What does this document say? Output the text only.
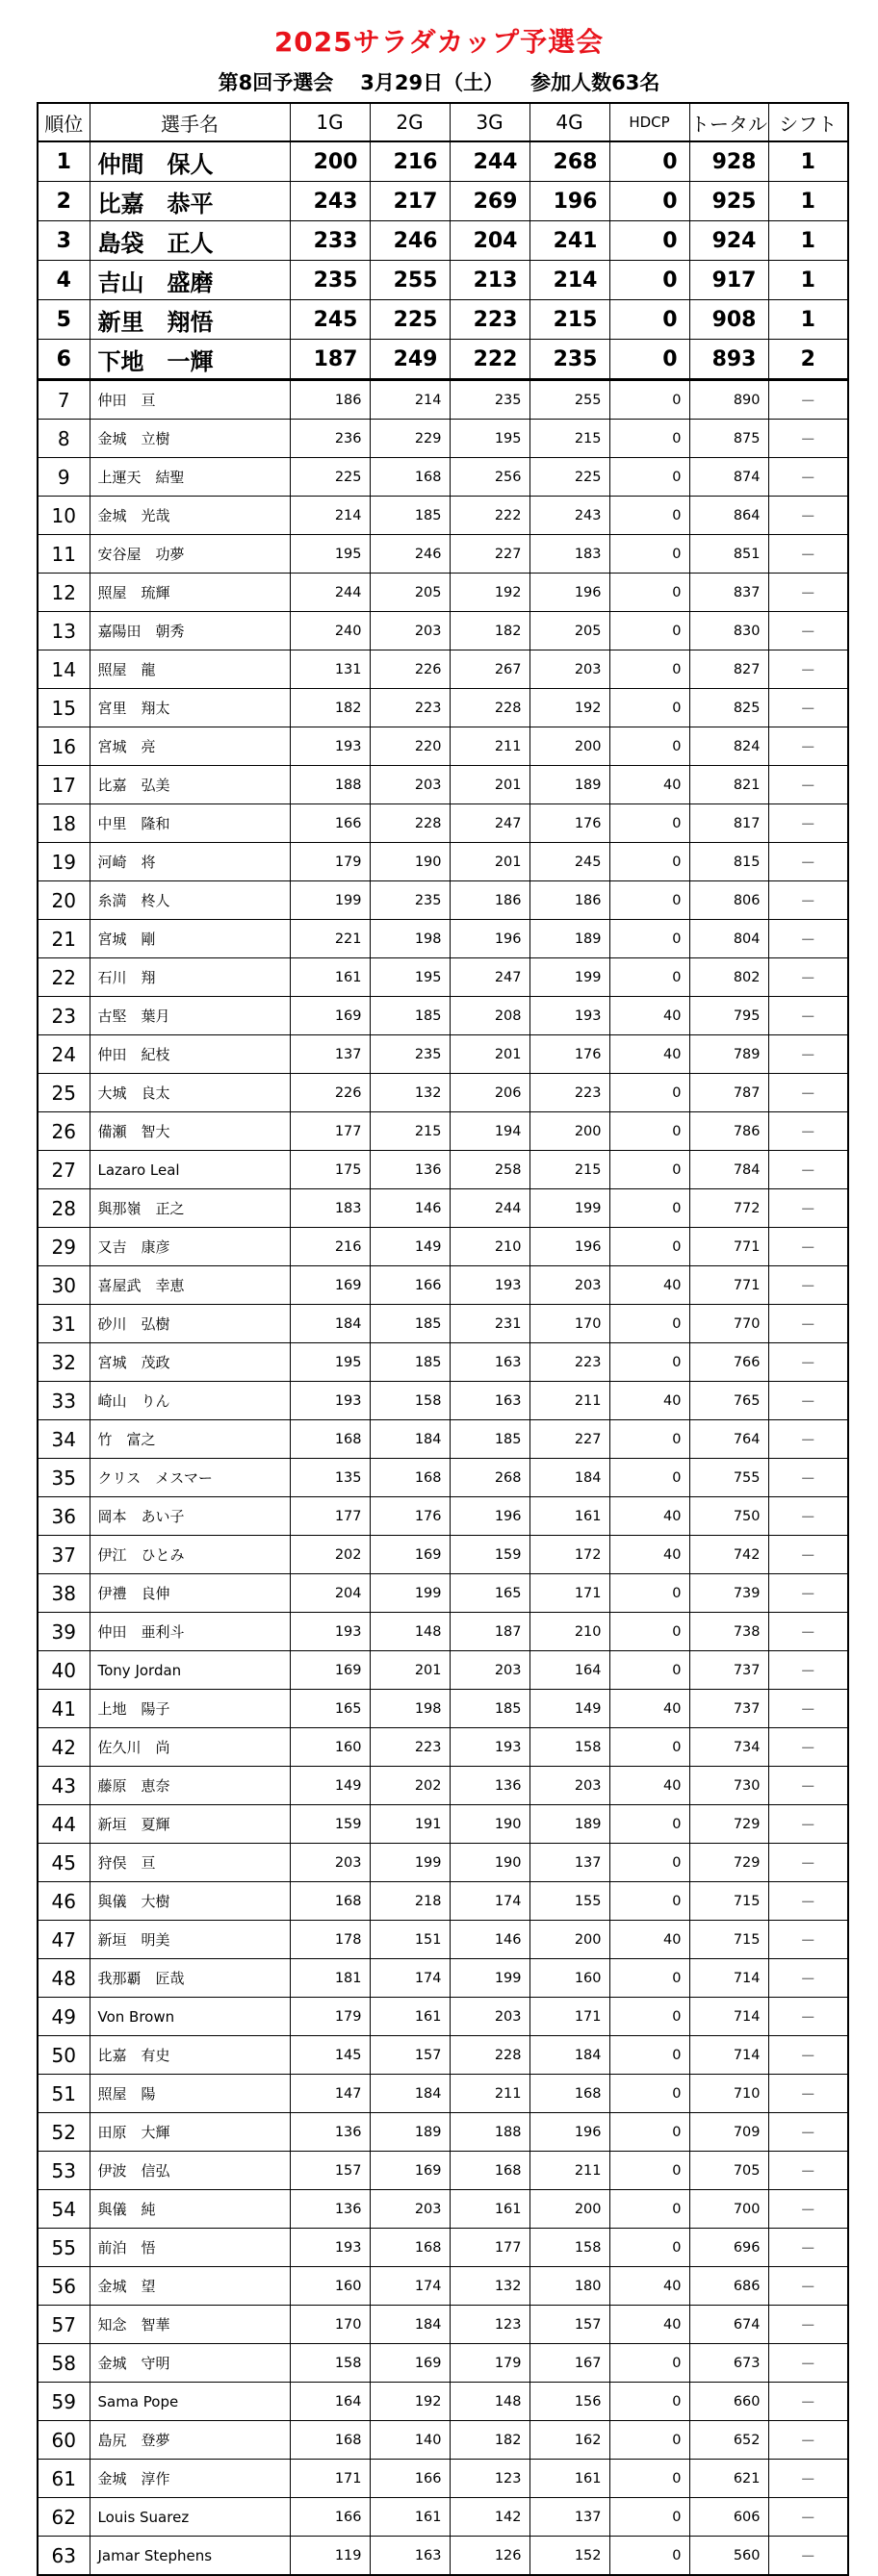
2025サラダカップ予選会
第8回予選会 3月29日（土） 参加人数63名
順位	選手名	1G	2G	3G	4G	HDCP	トータル	シフト
1	仲間　保人	200	216	244	268	0	928	1
2	比嘉　恭平	243	217	269	196	0	925	1
3	島袋　正人	233	246	204	241	0	924	1
4	吉山　盛磨	235	255	213	214	0	917	1
5	新里　翔悟	245	225	223	215	0	908	1
6	下地　一輝	187	249	222	235	0	893	2
7	仲田　亘	186	214	235	255	0	890	－
8	金城　立樹	236	229	195	215	0	875	－
9	上運天　結聖	225	168	256	225	0	874	－
10	金城　光哉	214	185	222	243	0	864	－
11	安谷屋　功夢	195	246	227	183	0	851	－
12	照屋　琉輝	244	205	192	196	0	837	－
13	嘉陽田　朝秀	240	203	182	205	0	830	－
14	照屋　龍	131	226	267	203	0	827	－
15	宮里　翔太	182	223	228	192	0	825	－
16	宮城　亮	193	220	211	200	0	824	－
17	比嘉　弘美	188	203	201	189	40	821	－
18	中里　隆和	166	228	247	176	0	817	－
19	河崎　将	179	190	201	245	0	815	－
20	糸満　柊人	199	235	186	186	0	806	－
21	宮城　剛	221	198	196	189	0	804	－
22	石川　翔	161	195	247	199	0	802	－
23	古堅　葉月	169	185	208	193	40	795	－
24	仲田　紀枝	137	235	201	176	40	789	－
25	大城　良太	226	132	206	223	0	787	－
26	備瀬　智大	177	215	194	200	0	786	－
27	Lazaro Leal	175	136	258	215	0	784	－
28	與那嶺　正之	183	146	244	199	0	772	－
29	又吉　康彦	216	149	210	196	0	771	－
30	喜屋武　幸恵	169	166	193	203	40	771	－
31	砂川　弘樹	184	185	231	170	0	770	－
32	宮城　茂政	195	185	163	223	0	766	－
33	崎山　りん	193	158	163	211	40	765	－
34	竹　富之	168	184	185	227	0	764	－
35	クリス　メスマー	135	168	268	184	0	755	－
36	岡本　あい子	177	176	196	161	40	750	－
37	伊江　ひとみ	202	169	159	172	40	742	－
38	伊禮　良伸	204	199	165	171	0	739	－
39	仲田　亜利斗	193	148	187	210	0	738	－
40	Tony Jordan	169	201	203	164	0	737	－
41	上地　陽子	165	198	185	149	40	737	－
42	佐久川　尚	160	223	193	158	0	734	－
43	藤原　恵奈	149	202	136	203	40	730	－
44	新垣　夏輝	159	191	190	189	0	729	－
45	狩俣　亘	203	199	190	137	0	729	－
46	與儀　大樹	168	218	174	155	0	715	－
47	新垣　明美	178	151	146	200	40	715	－
48	我那覇　匠哉	181	174	199	160	0	714	－
49	Von Brown	179	161	203	171	0	714	－
50	比嘉　有史	145	157	228	184	0	714	－
51	照屋　陽	147	184	211	168	0	710	－
52	田原　大輝	136	189	188	196	0	709	－
53	伊波　信弘	157	169	168	211	0	705	－
54	與儀　純	136	203	161	200	0	700	－
55	前泊　悟	193	168	177	158	0	696	－
56	金城　望	160	174	132	180	40	686	－
57	知念　智華	170	184	123	157	40	674	－
58	金城　守明	158	169	179	167	0	673	－
59	Sama Pope	164	192	148	156	0	660	－
60	島尻　登夢	168	140	182	162	0	652	－
61	金城　淳作	171	166	123	161	0	621	－
62	Louis Suarez	166	161	142	137	0	606	－
63	Jamar Stephens	119	163	126	152	0	560	－
